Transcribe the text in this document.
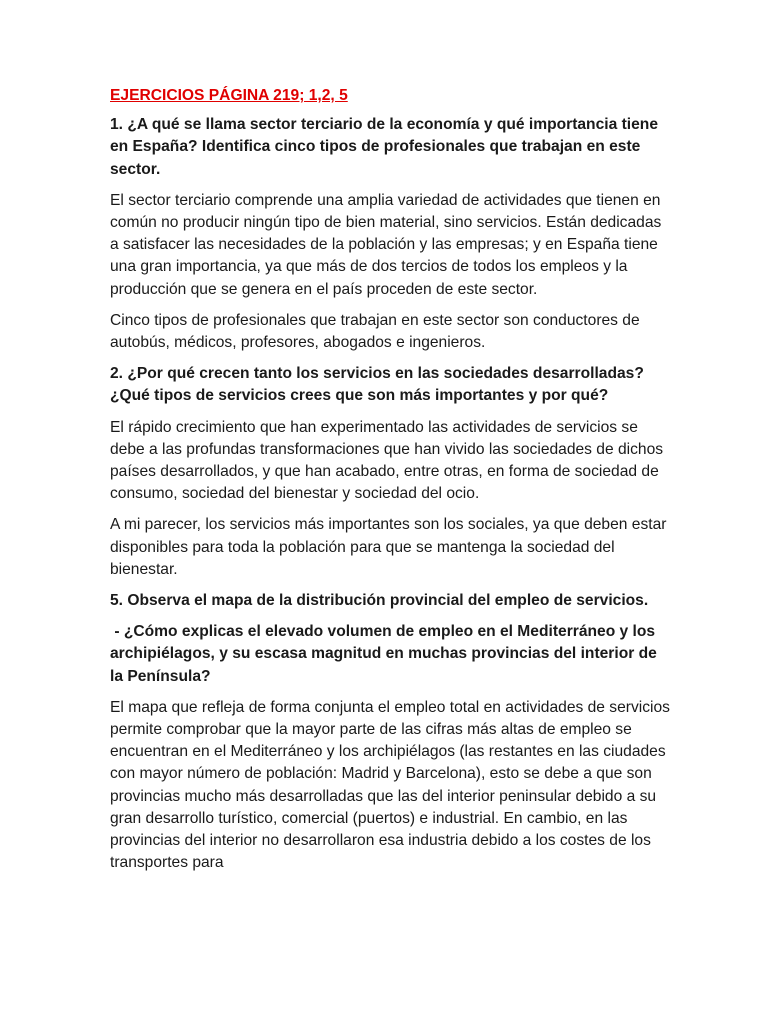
EJERCICIOS PÁGINA 219; 1,2, 5

1. ¿A qué se llama sector terciario de la economía y qué importancia tiene en España? Identifica cinco tipos de profesionales que trabajan en este sector.

El sector terciario comprende una amplia variedad de actividades que tienen en común no producir ningún tipo de bien material, sino servicios. Están dedicadas a satisfacer las necesidades de la población y las empresas; y en España tiene una gran importancia, ya que más de dos tercios de todos los empleos y la producción que se genera en el país proceden de este sector.

Cinco tipos de profesionales que trabajan en este sector son conductores de autobús, médicos, profesores, abogados e ingenieros.

2. ¿Por qué crecen tanto los servicios en las sociedades desarrolladas? ¿Qué tipos de servicios crees que son más importantes y por qué?

El rápido crecimiento que han experimentado las actividades de servicios se debe a las profundas transformaciones que han vivido las sociedades de dichos países desarrollados, y que han acabado, entre otras, en forma de sociedad de consumo, sociedad del bienestar y sociedad del ocio.

A mi parecer, los servicios más importantes son los sociales, ya que deben estar disponibles para toda la población para que se mantenga la sociedad del bienestar.

5. Observa el mapa de la distribución provincial del empleo de servicios.

- ¿Cómo explicas el elevado volumen de empleo en el Mediterráneo y los archipiélagos, y su escasa magnitud en muchas provincias del interior de la Península?

El mapa que refleja de forma conjunta el empleo total en actividades de servicios permite comprobar que la mayor parte de las cifras más altas de empleo se encuentran en el Mediterráneo y los archipiélagos (las restantes en las ciudades con mayor número de población: Madrid y Barcelona), esto se debe a que son provincias mucho más desarrolladas que las del interior peninsular debido a su gran desarrollo turístico, comercial (puertos) e industrial. En cambio, en las provincias del interior no desarrollaron esa industria debido a los costes de los transportes para
